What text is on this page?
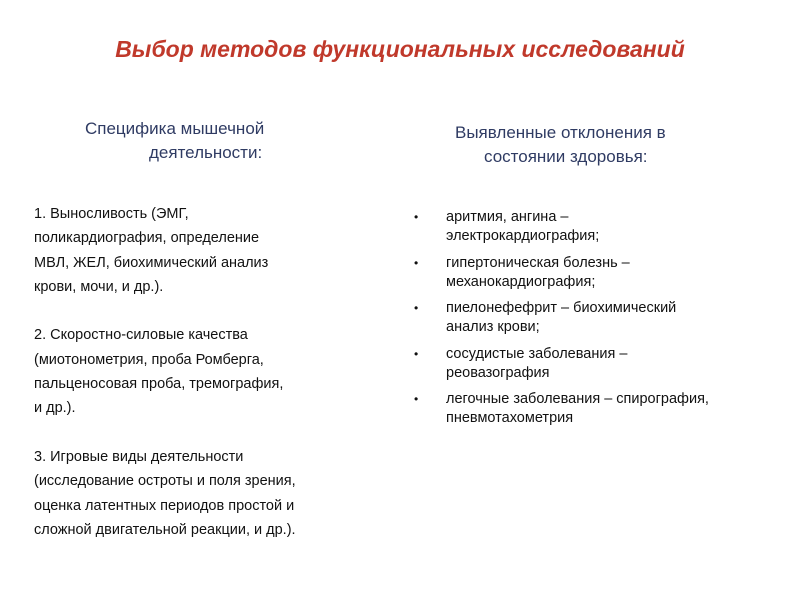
Выбор методов функциональных исследований
Специфика мышечной
деятельности:
Выявленные отклонения в
состоянии здоровья:
1. Выносливость (ЭМГ,
поликардиография, определение
МВЛ, ЖЕЛ, биохимический анализ
крови, мочи, и др.).
2. Скоростно-силовые качества
(миотонометрия, проба Ромберга,
пальценосовая проба, тремография,
и др.).
3. Игровые виды деятельности
(исследование остроты и поля зрения,
оценка латентных периодов простой и
сложной двигательной реакции, и др.).
• аритмия, ангина –
электрокардиография;
• гипертоническая болезнь –
механокардиография;
• пиелонефефрит – биохимический
анализ крови;
• сосудистые заболевания –
реовазография
• легочные заболевания – спирография,
пневмотахометрия
